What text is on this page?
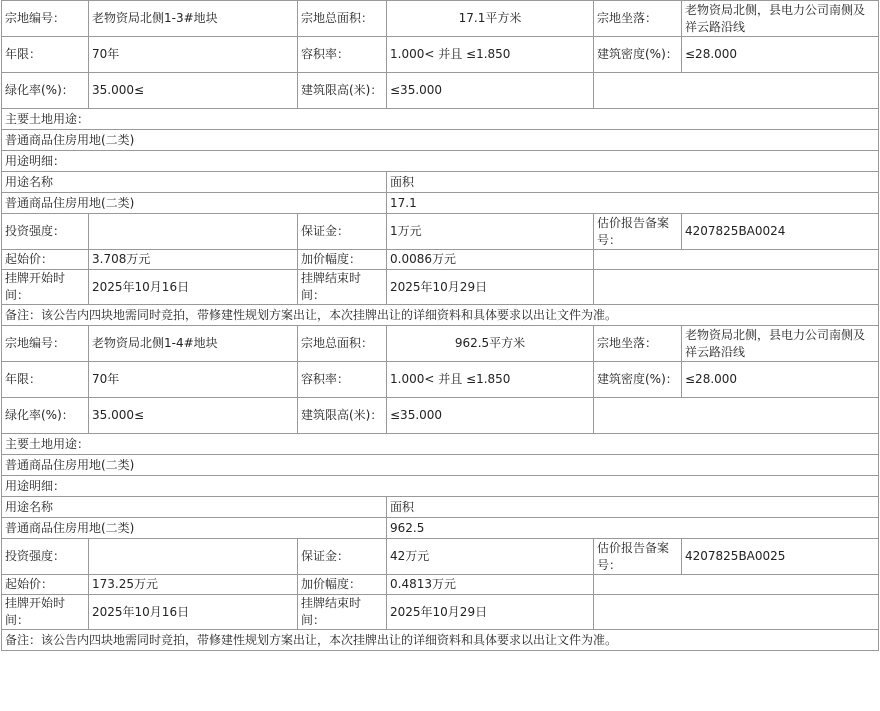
宗地编号：	老物资局北侧1-3#地块	宗地总面积：	17.1平方米	宗地坐落：	老物资局北侧，县电力公司南侧及祥云路沿线
年限：	70年	容积率：	1.000< 并且 ≤1.850	建筑密度(%)：	≤28.000
绿化率(%)：	35.000≤	建筑限高(米)：	≤35.000		
主要土地用途：					
普通商品住房用地(二类)					
用途明细：					
用途名称			面积		
普通商品住房用地(二类)			17.1		
投资强度：		保证金：	1万元	估价报告备案号：	4207825BA0024
起始价：	3.708万元	加价幅度：	0.0086万元		
挂牌开始时间：	2025年10月16日	挂牌结束时间：	2025年10月29日		
备注：该公告内四块地需同时竞拍，带修建性规划方案出让，本次挂牌出让的详细资料和具体要求以出让文件为准。					
宗地编号：	老物资局北侧1-4#地块	宗地总面积：	962.5平方米	宗地坐落：	老物资局北侧，县电力公司南侧及祥云路沿线
年限：	70年	容积率：	1.000< 并且 ≤1.850	建筑密度(%)：	≤28.000
绿化率(%)：	35.000≤	建筑限高(米)：	≤35.000		
主要土地用途：					
普通商品住房用地(二类)					
用途明细：					
用途名称			面积		
普通商品住房用地(二类)			962.5		
投资强度：		保证金：	42万元	估价报告备案号：	4207825BA0025
起始价：	173.25万元	加价幅度：	0.4813万元		
挂牌开始时间：	2025年10月16日	挂牌结束时间：	2025年10月29日		
备注：该公告内四块地需同时竞拍，带修建性规划方案出让，本次挂牌出让的详细资料和具体要求以出让文件为准。					
